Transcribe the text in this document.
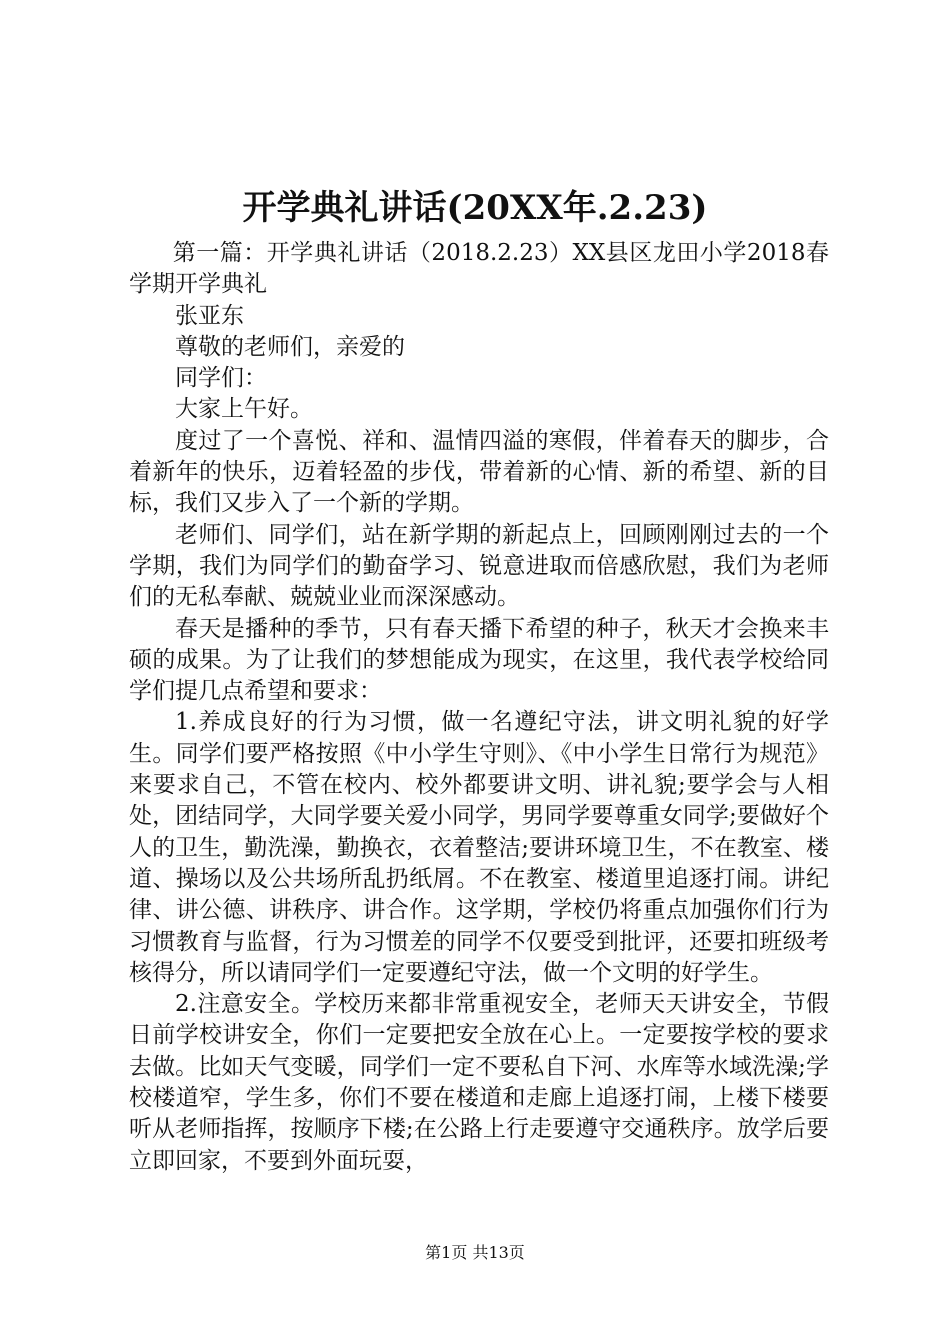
开学典礼讲话(20XX年.2.23)

第一篇：开学典礼讲话（2018.2.23）XX县区龙田小学2018春学期开学典礼

张亚东

尊敬的老师们，亲爱的

同学们：

大家上午好。

度过了一个喜悦、祥和、温情四溢的寒假，伴着春天的脚步，合着新年的快乐，迈着轻盈的步伐，带着新的心情、新的希望、新的目标，我们又步入了一个新的学期。

老师们、同学们，站在新学期的新起点上，回顾刚刚过去的一个学期，我们为同学们的勤奋学习、锐意进取而倍感欣慰，我们为老师们的无私奉献、兢兢业业而深深感动。

春天是播种的季节，只有春天播下希望的种子，秋天才会换来丰硕的成果。为了让我们的梦想能成为现实，在这里，我代表学校给同学们提几点希望和要求：

1.养成良好的行为习惯，做一名遵纪守法，讲文明礼貌的好学生。同学们要严格按照《中小学生守则》、《中小学生日常行为规范》来要求自己，不管在校内、校外都要讲文明、讲礼貌;要学会与人相处，团结同学，大同学要关爱小同学，男同学要尊重女同学;要做好个人的卫生，勤洗澡，勤换衣，衣着整洁;要讲环境卫生，不在教室、楼道、操场以及公共场所乱扔纸屑。不在教室、楼道里追逐打闹。讲纪律、讲公德、讲秩序、讲合作。这学期，学校仍将重点加强你们行为习惯教育与监督，行为习惯差的同学不仅要受到批评，还要扣班级考核得分，所以请同学们一定要遵纪守法，做一个文明的好学生。

2.注意安全。学校历来都非常重视安全，老师天天讲安全，节假日前学校讲安全，你们一定要把安全放在心上。一定要按学校的要求去做。比如天气变暖，同学们一定不要私自下河、水库等水域洗澡;学校楼道窄，学生多，你们不要在楼道和走廊上追逐打闹，上楼下楼要听从老师指挥，按顺序下楼;在公路上行走要遵守交通秩序。放学后要立即回家，不要到外面玩耍，

第1页 共13页
